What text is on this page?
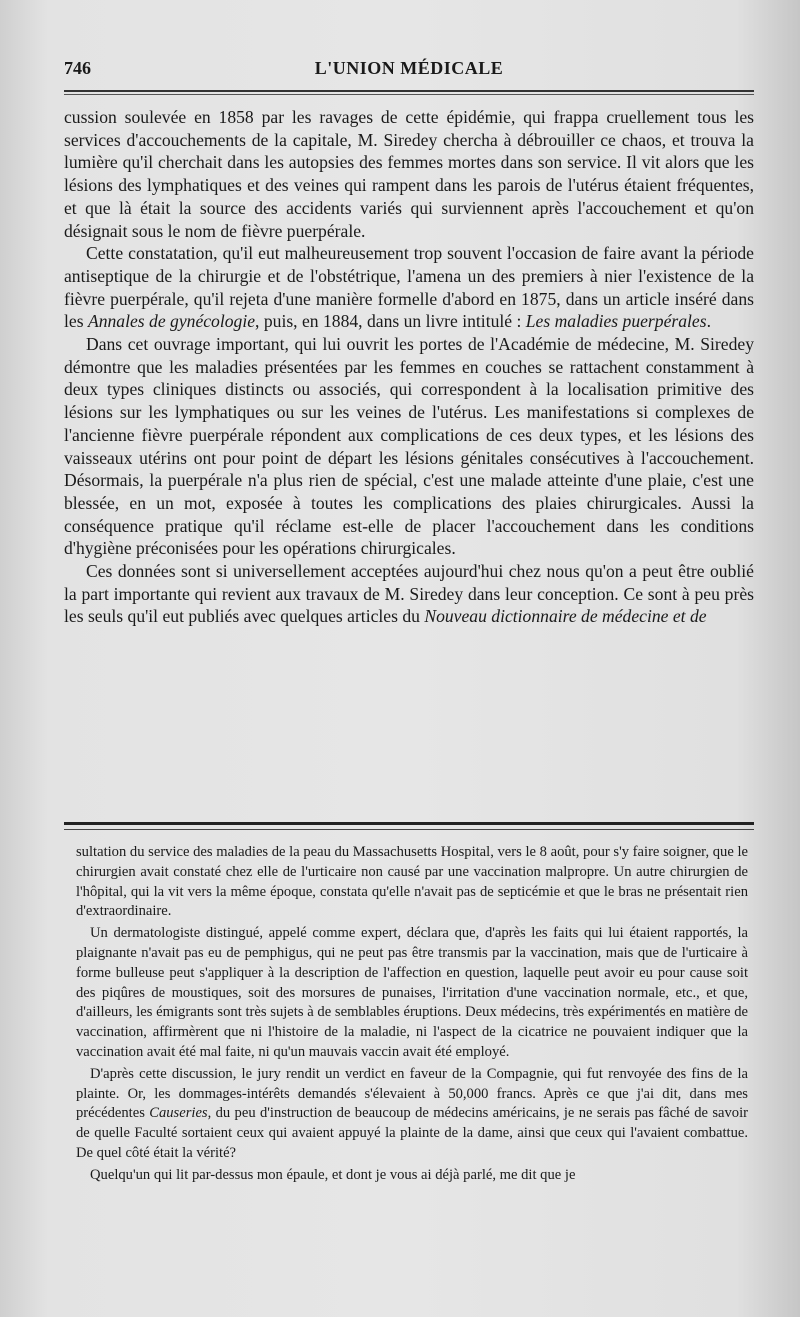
746	L'UNION MÉDICALE

cussion soulevée en 1858 par les ravages de cette épidémie, qui frappa cruellement tous les services d'accouchements de la capitale, M. Siredey chercha à débrouiller ce chaos, et trouva la lumière qu'il cherchait dans les autopsies des femmes mortes dans son service. Il vit alors que les lésions des lymphatiques et des veines qui rampent dans les parois de l'utérus étaient fréquentes, et que là était la source des accidents variés qui surviennent après l'accouchement et qu'on désignait sous le nom de fièvre puerpérale.

Cette constatation, qu'il eut malheureusement trop souvent l'occasion de faire avant la période antiseptique de la chirurgie et de l'obstétrique, l'amena un des premiers à nier l'existence de la fièvre puerpérale, qu'il rejeta d'une manière formelle d'abord en 1875, dans un article inséré dans les Annales de gynécologie, puis, en 1884, dans un livre intitulé : Les maladies puerpérales.

Dans cet ouvrage important, qui lui ouvrit les portes de l'Académie de médecine, M. Siredey démontre que les maladies présentées par les femmes en couches se rattachent constamment à deux types cliniques distincts ou associés, qui correspondent à la localisation primitive des lésions sur les lymphatiques ou sur les veines de l'utérus. Les manifestations si complexes de l'ancienne fièvre puerpérale répondent aux complications de ces deux types, et les lésions des vaisseaux utérins ont pour point de départ les lésions génitales consécutives à l'accouchement. Désormais, la puerpérale n'a plus rien de spécial, c'est une malade atteinte d'une plaie, c'est une blessée, en un mot, exposée à toutes les complications des plaies chirurgicales. Aussi la conséquence pratique qu'il réclame est-elle de placer l'accouchement dans les conditions d'hygiène préconisées pour les opérations chirurgicales.

Ces données sont si universellement acceptées aujourd'hui chez nous qu'on a peut être oublié la part importante qui revient aux travaux de M. Siredey dans leur conception. Ce sont à peu près les seuls qu'il eut publiés avec quelques articles du Nouveau dictionnaire de médecine et de

sultation du service des maladies de la peau du Massachusetts Hospital, vers le 8 août, pour s'y faire soigner, que le chirurgien avait constaté chez elle de l'urticaire non causé par une vaccination malpropre. Un autre chirurgien de l'hôpital, qui la vit vers la même époque, constata qu'elle n'avait pas de septicémie et que le bras ne présentait rien d'extraordinaire.

Un dermatologiste distingué, appelé comme expert, déclara que, d'après les faits qui lui étaient rapportés, la plaignante n'avait pas eu de pemphigus, qui ne peut pas être transmis par la vaccination, mais que de l'urticaire à forme bulleuse peut s'appliquer à la description de l'affection en question, laquelle peut avoir eu pour cause soit des piqûres de moustiques, soit des morsures de punaises, l'irritation d'une vaccination normale, etc., et que, d'ailleurs, les émigrants sont très sujets à de semblables éruptions. Deux médecins, très expérimentés en matière de vaccination, affirmèrent que ni l'histoire de la maladie, ni l'aspect de la cicatrice ne pouvaient indiquer que la vaccination avait été mal faite, ni qu'un mauvais vaccin avait été employé.

D'après cette discussion, le jury rendit un verdict en faveur de la Compagnie, qui fut renvoyée des fins de la plainte. Or, les dommages-intérêts demandés s'élevaient à 50,000 francs. Après ce que j'ai dit, dans mes précédentes Causeries, du peu d'instruction de beaucoup de médecins américains, je ne serais pas fâché de savoir de quelle Faculté sortaient ceux qui avaient appuyé la plainte de la dame, ainsi que ceux qui l'avaient combattue. De quel côté était la vérité?

Quelqu'un qui lit par-dessus mon épaule, et dont je vous ai déjà parlé, me dit que je
